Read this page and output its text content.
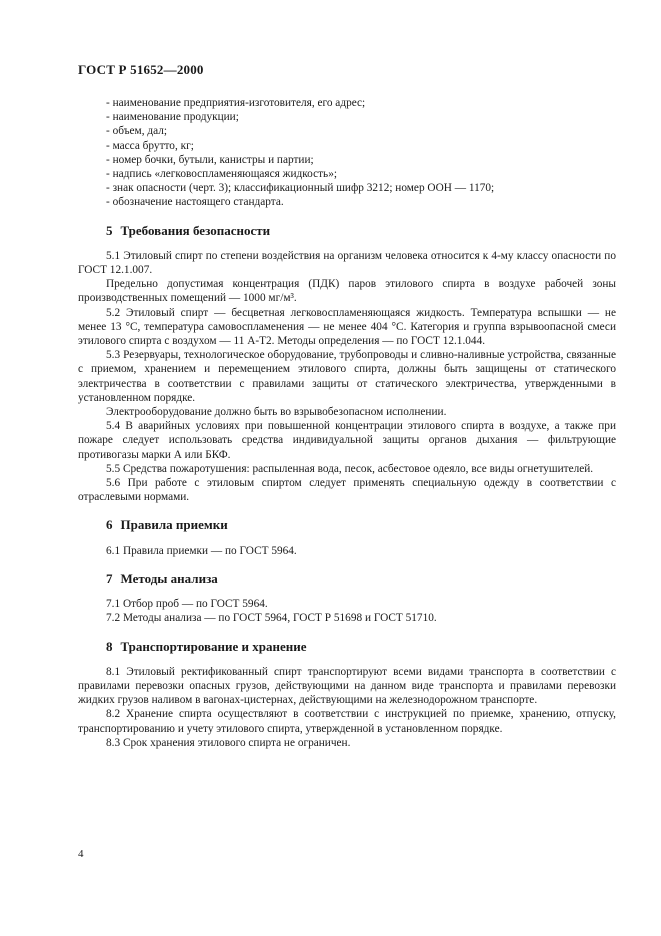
ГОСТ Р 51652—2000
- наименование предприятия-изготовителя, его адрес;
- наименование продукции;
- объем, дал;
- масса брутто, кг;
- номер бочки, бутыли, канистры и партии;
- надпись «легковоспламеняющаяся жидкость»;
- знак опасности (черт. 3); классификационный шифр 3212; номер ООН — 1170;
- обозначение настоящего стандарта.
5 Требования безопасности

5.1 Этиловый спирт по степени воздействия на организм человека относится к 4-му классу опасности по ГОСТ 12.1.007.

Предельно допустимая концентрация (ПДК) паров этилового спирта в воздухе рабочей зоны производственных помещений — 1000 мг/м³.

5.2 Этиловый спирт — бесцветная легковоспламеняющаяся жидкость. Температура вспышки — не менее 13 °С, температура самовоспламенения — не менее 404 °С. Категория и группа взрывоопасной смеси этилового спирта с воздухом — 11 А-Т2. Методы определения — по ГОСТ 12.1.044.

5.3 Резервуары, технологическое оборудование, трубопроводы и сливно-наливные устройства, связанные с приемом, хранением и перемещением этилового спирта, должны быть защищены от статического электричества в соответствии с правилами защиты от статического электричества, утвержденными в установленном порядке.

Электрооборудование должно быть во взрывобезопасном исполнении.

5.4 В аварийных условиях при повышенной концентрации этилового спирта в воздухе, а также при пожаре следует использовать средства индивидуальной защиты органов дыхания — фильтрующие противогазы марки А или БКФ.

5.5 Средства пожаротушения: распыленная вода, песок, асбестовое одеяло, все виды огнетушителей.

5.6 При работе с этиловым спиртом следует применять специальную одежду в соответствии с отраслевыми нормами.

6 Правила приемки

6.1 Правила приемки — по ГОСТ 5964.

7 Методы анализа

7.1 Отбор проб — по ГОСТ 5964.

7.2 Методы анализа — по ГОСТ 5964, ГОСТ Р 51698 и ГОСТ 51710.

8 Транспортирование и хранение

8.1 Этиловый ректификованный спирт транспортируют всеми видами транспорта в соответствии с правилами перевозки опасных грузов, действующими на данном виде транспорта и правилами перевозки жидких грузов наливом в вагонах-цистернах, действующими на железнодорожном транспорте.

8.2 Хранение спирта осуществляют в соответствии с инструкцией по приемке, хранению, отпуску, транспортированию и учету этилового спирта, утвержденной в установленном порядке.

8.3 Срок хранения этилового спирта не ограничен.

4
